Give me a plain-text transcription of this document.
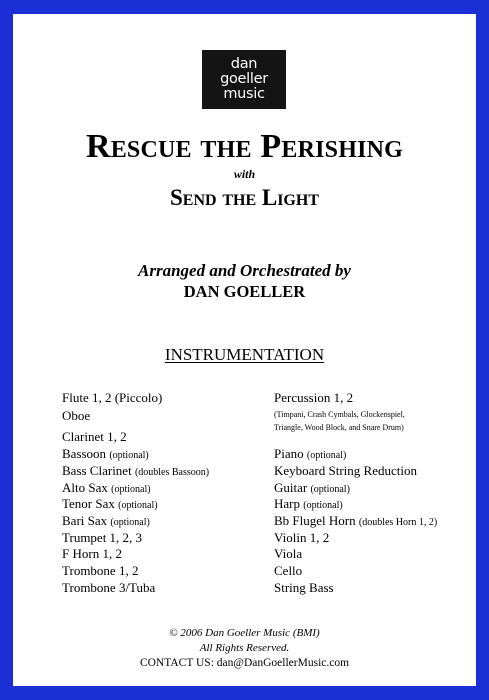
dan
goeller
music
Rescue the Perishing
with
Send the Light
Arranged and Orchestrated by
DAN GOELLER
INSTRUMENTATION
Flute 1, 2 (Piccolo)
Oboe
Clarinet 1, 2
Bassoon (optional)
Bass Clarinet (doubles Bassoon)
Alto Sax (optional)
Tenor Sax (optional)
Bari Sax (optional)
Trumpet 1, 2, 3
F Horn 1, 2
Trombone 1, 2
Trombone 3/Tuba
Percussion 1, 2
(Timpani, Crash Cymbals, Glockenspiel,
Triangle, Wood Block, and Snare Drum)
Piano (optional)
Keyboard String Reduction
Guitar (optional)
Harp (optional)
Bb Flugel Horn (doubles Horn 1, 2)
Violin 1, 2
Viola
Cello
String Bass
© 2006 Dan Goeller Music (BMI)
All Rights Reserved.
CONTACT US: dan@DanGoellerMusic.com
